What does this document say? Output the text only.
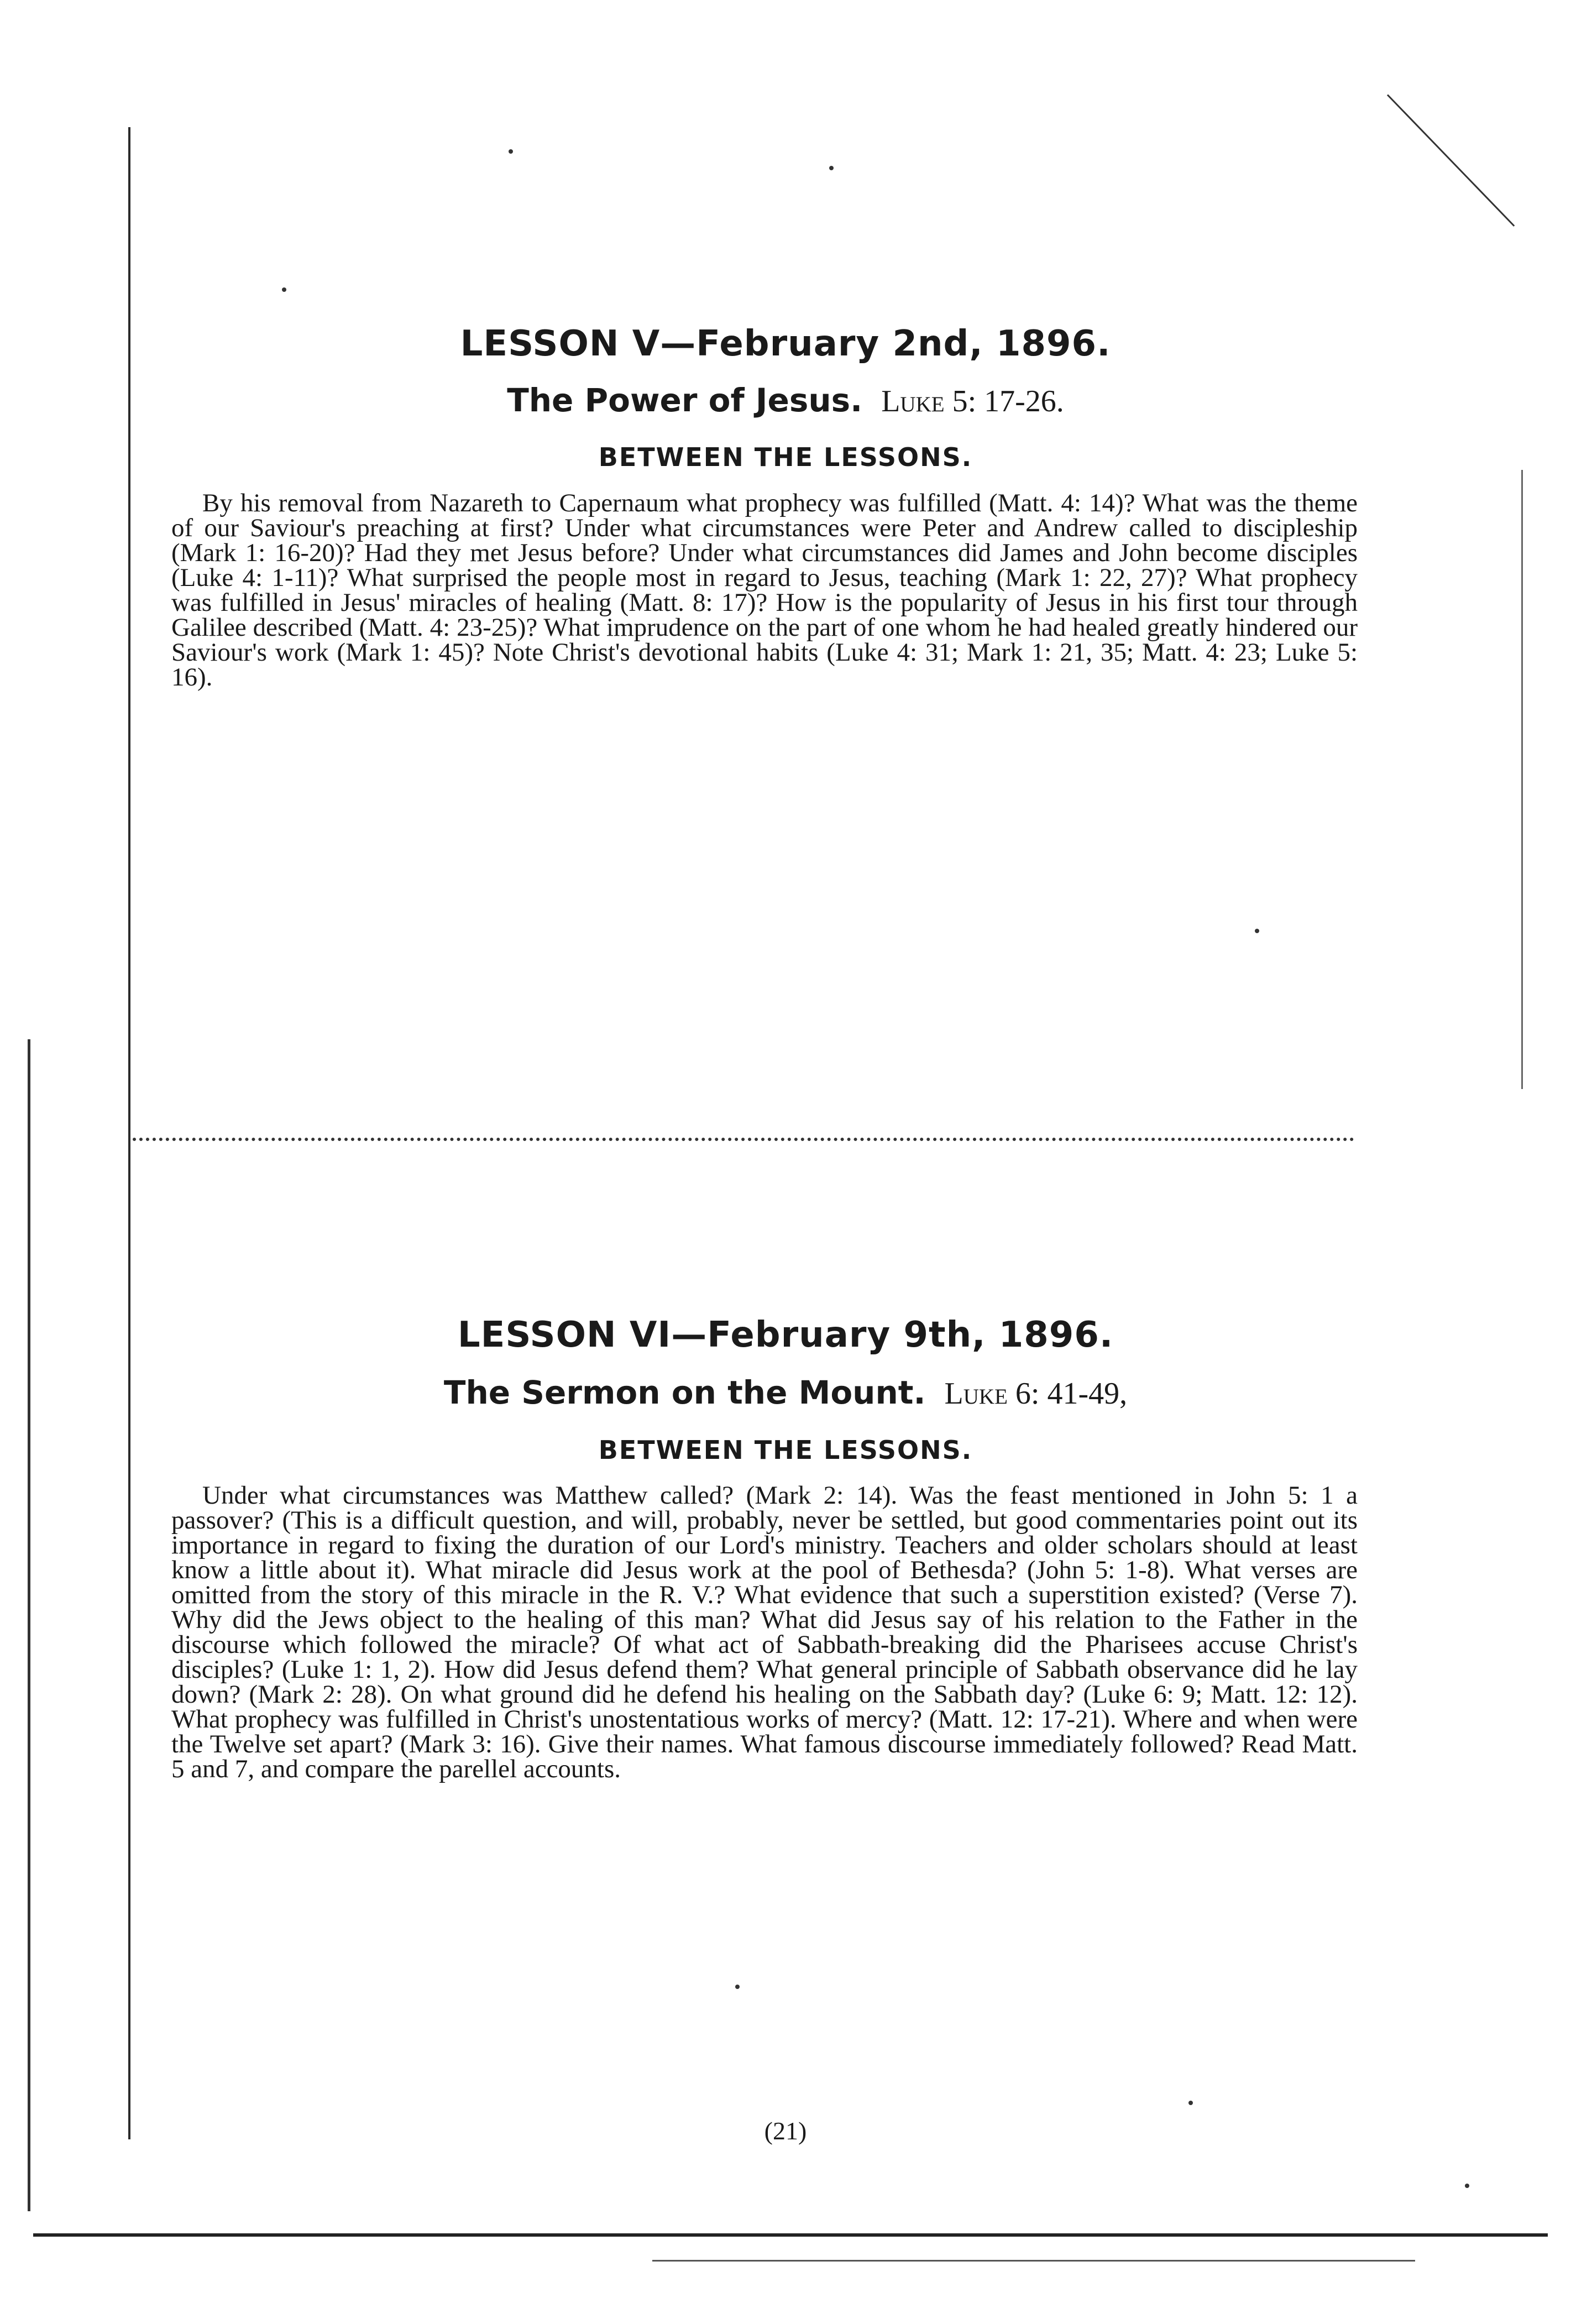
LESSON V—February 2nd, 1896.

The Power of Jesus. Luke 5: 17-26.

BETWEEN THE LESSONS.

By his removal from Nazareth to Capernaum what prophecy was fulfilled (Matt. 4: 14)? What was the theme of our Saviour's preaching at first? Under what circumstances were Peter and Andrew called to discipleship (Mark 1: 16-20)? Had they met Jesus before? Under what circumstances did James and John become disciples (Luke 4: 1-11)? What surprised the people most in regard to Jesus, teaching (Mark 1: 22, 27)? What prophecy was fulfilled in Jesus' miracles of healing (Matt. 8: 17)? How is the popularity of Jesus in his first tour through Galilee described (Matt. 4: 23-25)? What imprudence on the part of one whom he had healed greatly hindered our Saviour's work (Mark 1: 45)? Note Christ's devotional habits (Luke 4: 31; Mark 1: 21, 35; Matt. 4: 23; Luke 5: 16).

LESSON VI—February 9th, 1896.

The Sermon on the Mount. Luke 6: 41-49,

BETWEEN THE LESSONS.

Under what circumstances was Matthew called? (Mark 2: 14). Was the feast mentioned in John 5: 1 a passover? (This is a difficult question, and will, probably, never be settled, but good commentaries point out its importance in regard to fixing the duration of our Lord's ministry. Teachers and older scholars should at least know a little about it). What miracle did Jesus work at the pool of Bethesda? (John 5: 1-8). What verses are omitted from the story of this miracle in the R. V.? What evidence that such a superstition existed? (Verse 7). Why did the Jews object to the healing of this man? What did Jesus say of his relation to the Father in the discourse which followed the miracle? Of what act of Sabbath-breaking did the Pharisees accuse Christ's disciples? (Luke 1: 1, 2). How did Jesus defend them? What general principle of Sabbath observance did he lay down? (Mark 2: 28). On what ground did he defend his healing on the Sabbath day? (Luke 6: 9; Matt. 12: 12). What prophecy was fulfilled in Christ's unostentatious works of mercy? (Matt. 12: 17-21). Where and when were the Twelve set apart? (Mark 3: 16). Give their names. What famous discourse immediately followed? Read Matt. 5 and 7, and compare the parellel accounts.

(21)
